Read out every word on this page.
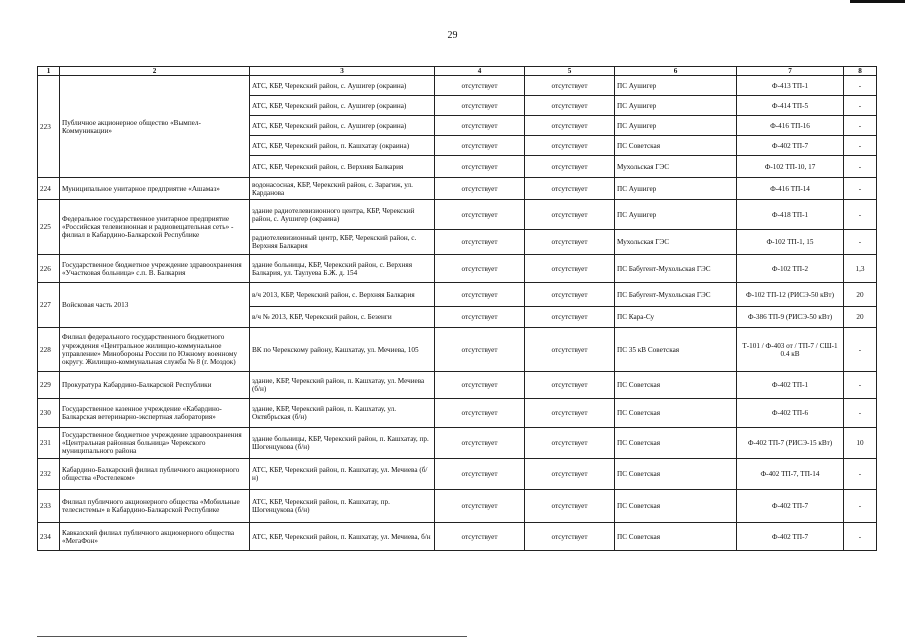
29
1	2	3	4	5	6	7	8
223	Публичное акционерное общество «Вымпел-Коммуникации»	АТС, КБР, Черекский район, с. Аушигер (окраина)	отсутствует	отсутствует	ПС Аушигер	Ф-413 ТП-1	-
		АТС, КБР, Черекский район, с. Аушигер (окраина)	отсутствует	отсутствует	ПС Аушигер	Ф-414 ТП-5	-
		АТС, КБР, Черекский район, с. Аушигер (окраина)	отсутствует	отсутствует	ПС Аушигер	Ф-416 ТП-16	-
		АТС, КБР, Черекский район, п. Кашхатау (окраина)	отсутствует	отсутствует	ПС Советская	Ф-402 ТП-7	-
		АТС, КБР, Черекский район, с. Верхняя Балкария	отсутствует	отсутствует	Мухольская ГЭС	Ф-102 ТП-10, 17	-
224	Муниципальное унитарное предприятие «Ашамаз»	водонасосная, КБР, Черекский район, с. Зарагиж, ул. Карданова	отсутствует	отсутствует	ПС Аушигер	Ф-416 ТП-14	-
225	Федеральное государственное унитарное предприятие «Российская телевизионная и радиовещательная сеть» - филиал в Кабардино-Балкарской Республике	здание радиотелевизионного центра, КБР, Черекский район, с. Аушигер (окраина)	отсутствует	отсутствует	ПС Аушигер	Ф-418 ТП-1	-
		радиотелевизионный центр, КБР, Черекский район, с. Верхняя Балкария	отсутствует	отсутствует	Мухольская ГЭС	Ф-102 ТП-1, 15	-
226	Государственное бюджетное учреждение здравоохранения «Участковая больница» с.п. В. Балкария	здание больницы, КБР, Черекский район, с. Верхняя Балкария, ул. Таулуева Б.Ж. д. 154	отсутствует	отсутствует	ПС Бабугент-Мухольская ГЭС	Ф-102 ТП-2	1,3
227	Войсковая часть 2013	в/ч 2013, КБР, Черекский район, с. Верхняя Балкария	отсутствует	отсутствует	ПС Бабугент-Мухольская ГЭС	Ф-102 ТП-12 (РИСЭ-50 кВт)	20
		в/ч № 2013, КБР, Черекский район, с. Безенги	отсутствует	отсутствует	ПС Кара-Су	Ф-386 ТП-9 (РИСЭ-50 кВт)	20
228	Филиал федерального государственного бюджетного учреждения «Центральное жилищно-коммунальное управление» Минобороны России по Южному военному округу. Жилищно-коммунальная служба № 8 (г. Моздок)	ВК по Черекскому району, Кашхатау, ул. Мечиева, 105	отсутствует	отсутствует	ПС 35 кВ Советская	Т-101 / Ф-403 от / ТП-7 / СШ-1 0.4 кВ	-
229	Прокуратура Кабардино-Балкарской Республики	здание, КБР, Черекский район, п. Кашхатау, ул. Мечиева (б/н)	отсутствует	отсутствует	ПС Советская	Ф-402 ТП-1	-
230	Государственное казенное учреждение «Кабардино-Балкарская ветеринарно-экспертная лаборатория»	здание, КБР, Черекский район, п. Кашхатау, ул. Октябрьская (б/н)	отсутствует	отсутствует	ПС Советская	Ф-402 ТП-6	-
231	Государственное бюджетное учреждение здравоохранения «Центральная районная больница» Черекского муниципального района	здание больницы, КБР, Черекский район, п. Кашхатау, пр. Шогенцукова (б/н)	отсутствует	отсутствует	ПС Советская	Ф-402 ТП-7 (РИСЭ-15 кВт)	10
232	Кабардино-Балкарский филиал публичного акционерного общества «Ростелеком»	АТС, КБР, Черекский район, п. Кашхатау, ул. Мечиева (б/н)	отсутствует	отсутствует	ПС Советская	Ф-402 ТП-7, ТП-14	-
233	Филиал публичного акционерного общества «Мобильные телесистемы» в Кабардино-Балкарской Республике	АТС, КБР, Черекский район, п. Кашхатау, пр. Шогенцукова (б/н)	отсутствует	отсутствует	ПС Советская	Ф-402 ТП-7	-
234	Кавказский филиал публичного акционерного общества «МегаФон»	АТС, КБР, Черекский район, п. Кашхатау, ул. Мечиева, б/н	отсутствует	отсутствует	ПС Советская	Ф-402 ТП-7	-
